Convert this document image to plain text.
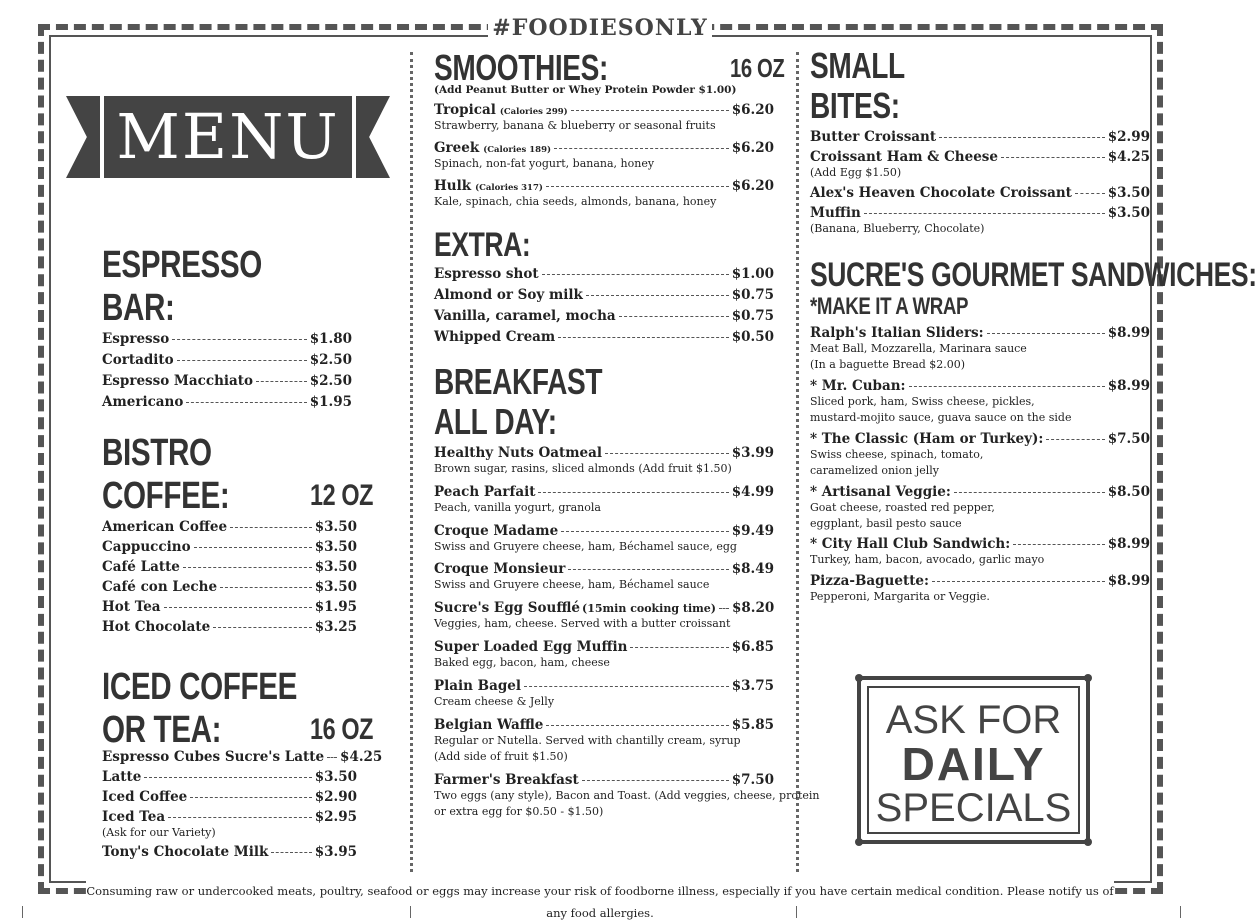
#FOODIESONLY
Consuming raw or undercooked meats, poultry, seafood or eggs may increase your risk of foodborne illness, especially if you have certain medical condition. Please notify us of any food allergies.
MENU
ESPRESSO
BAR:
Espresso	$1.80
Cortadito	$2.50
Espresso Macchiato	$2.50
Americano	$1.95
BISTRO
COFFEE:	12 OZ
American Coffee	$3.50
Cappuccino	$3.50
Café Latte	$3.50
Café con Leche	$3.50
Hot Tea	$1.95
Hot Chocolate	$3.25
ICED COFFEE
OR TEA:	16 OZ
Espresso Cubes Sucre's Latte $4.25
Latte	$3.50
Iced Coffee	$2.90
Iced Tea	$2.95
(Ask for our Variety)
Tony's Chocolate Milk	$3.95
SMOOTHIES:	16 OZ
(Add Peanut Butter or Whey Protein Powder $1.00)
Tropical (Calories 299)	$6.20
Strawberry, banana & blueberry or seasonal fruits
Greek (Calories 189)	$6.20
Spinach, non-fat yogurt, banana, honey
Hulk (Calories 317)	$6.20
Kale, spinach, chia seeds, almonds, banana, honey
EXTRA:
Espresso shot	$1.00
Almond or Soy milk	$0.75
Vanilla, caramel, mocha	$0.75
Whipped Cream	$0.50
BREAKFAST
ALL DAY:
Healthy Nuts Oatmeal	$3.99
Brown sugar, rasins, sliced almonds (Add fruit $1.50)
Peach Parfait	$4.99
Peach, vanilla yogurt, granola
Croque Madame	$9.49
Swiss and Gruyere cheese, ham, Béchamel sauce, egg
Croque Monsieur	$8.49
Swiss and Gruyere cheese, ham, Béchamel sauce
Sucre's Egg Soufflé (15min cooking time) $8.20
Veggies, ham, cheese. Served with a butter croissant
Super Loaded Egg Muffin	$6.85
Baked egg, bacon, ham, cheese
Plain Bagel	$3.75
Cream cheese & Jelly
Belgian Waffle	$5.85
Regular or Nutella. Served with chantilly cream, syrup
(Add side of fruit $1.50)
Farmer's Breakfast	$7.50
Two eggs (any style), Bacon and Toast. (Add veggies, cheese, protein
or extra egg for $0.50 - $1.50)
SMALL
BITES:
Butter Croissant	$2.99
Croissant Ham & Cheese	$4.25
(Add Egg $1.50)
Alex's Heaven Chocolate Croissant	$3.50
Muffin	$3.50
(Banana, Blueberry, Chocolate)
SUCRE'S GOURMET SANDWICHES:
*MAKE IT A WRAP
Ralph's Italian Sliders:	$8.99
Meat Ball, Mozzarella, Marinara sauce
(In a baguette Bread $2.00)
* Mr. Cuban:	$8.99
Sliced pork, ham, Swiss cheese, pickles,
mustard-mojito sauce, guava sauce on the side
* The Classic (Ham or Turkey):	$7.50
Swiss cheese, spinach, tomato,
caramelized onion jelly
* Artisanal Veggie:	$8.50
Goat cheese, roasted red pepper,
eggplant, basil pesto sauce
* City Hall Club Sandwich:	$8.99
Turkey, ham, bacon, avocado, garlic mayo
Pizza-Baguette:	$8.99
Pepperoni, Margarita or Veggie.
ASK FOR
DAILY
SPECIALS
